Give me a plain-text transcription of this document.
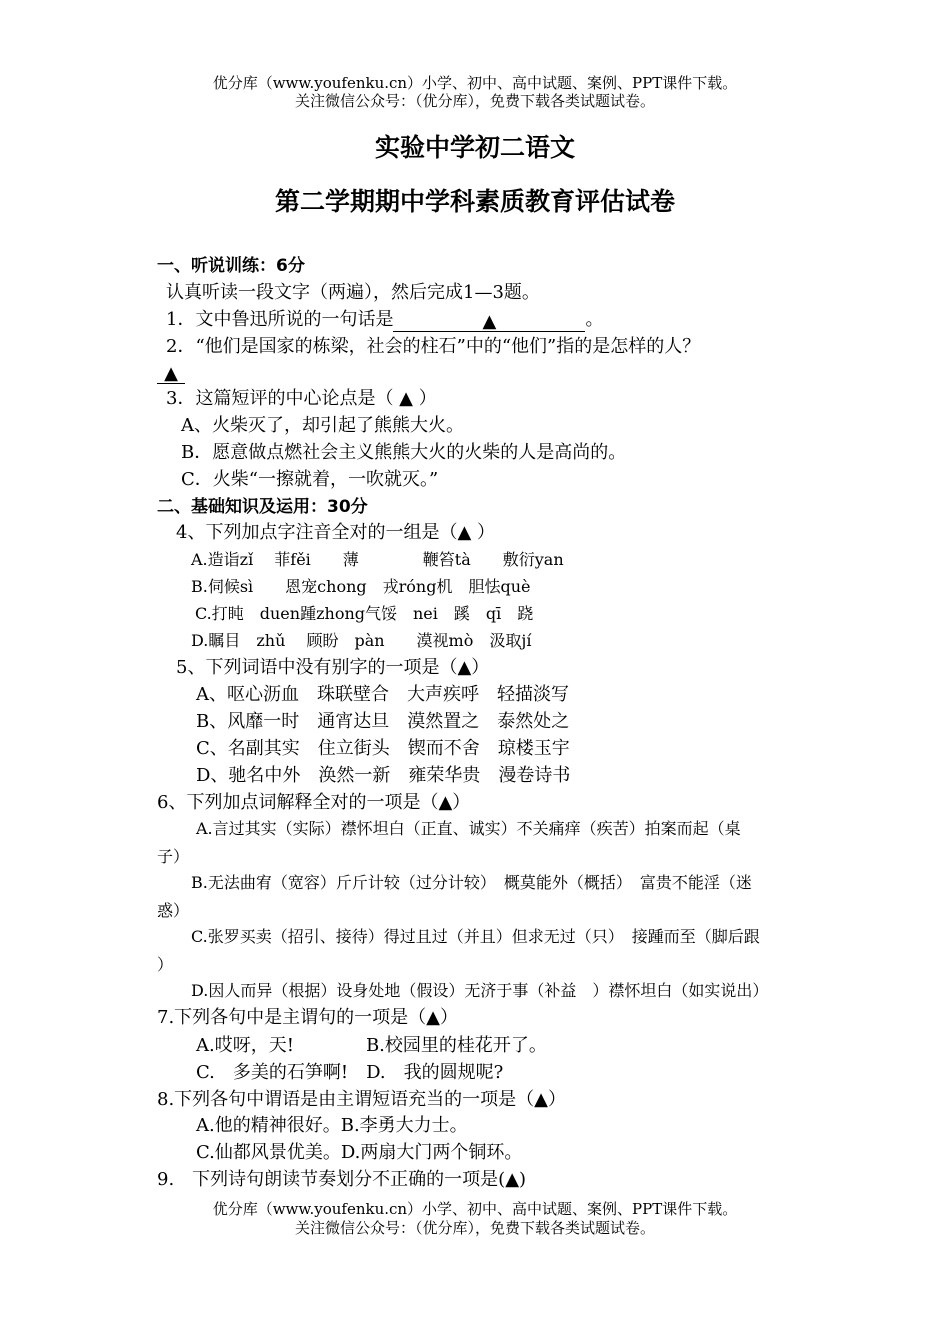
优分库（www.youfenku.cn）小学、初中、高中试题、案例、PPT课件下载。
关注微信公众号：（优分库），免费下载各类试题试卷。
实验中学初二语文
第二学期期中学科素质教育评估试卷
一、听说训练：6分
认真听读一段文字（两遍），然后完成1—3题。
1．文中鲁迅所说的一句话是	▲	。
2．“他们是国家的栋梁，社会的柱石”中的“他们”指的是怎样的人？
▲
3．这篇短评的中心论点是（ ▲ ）
A、火柴灭了，却引起了熊熊大火。
B．愿意做点燃社会主义熊熊大火的火柴的人是高尚的。
C．火柴“一擦就着，一吹就灭。”
二、基础知识及运用：30分
4、下列加点字注音全对的一组是（▲ ）
A.造诣zǐ　 菲fěi　　薄　　　　鞭笞tà　　敷衍yan
B.伺候sì　　恩宠chong　戎róng机　胆怯què
C.打盹　duen踵zhong气馁　nei　蹊　qī　跷
D.瞩目　zhǔ　 顾盼　pàn　　漠视mò　汲取jí
5、下列词语中没有别字的一项是（▲）
A、呕心沥血　珠联壁合　大声疾呼　轻描淡写
B、风靡一时　通宵达旦　漠然置之　泰然处之
C、名副其实　住立街头　锲而不舍　琼楼玉宇
D、驰名中外　涣然一新　雍荣华贵　漫卷诗书
6、下列加点词解释全对的一项是（▲）
A.言过其实（实际）襟怀坦白（正直、诚实）不关痛痒（疾苦）拍案而起（桌
子）
B.无法曲宥（宽容）斤斤计较（过分计较）　概莫能外（概括）　富贵不能淫（迷
惑）
C.张罗买卖（招引、接待）得过且过（并且）但求无过（只）　接踵而至（脚后跟
）
D.因人而异（根据）设身处地（假设）无济于事（补益　）襟怀坦白（如实说出）
7.下列各句中是主谓句的一项是（▲）
A.哎呀，天!　　　　B.校园里的桂花开了。
C.　多美的石笋啊!　D.　我的圆规呢?
8.下列各句中谓语是由主谓短语充当的一项是（▲）
A.他的精神很好。B.李勇大力士。
C.仙都风景优美。D.两扇大门两个铜环。
9.　下列诗句朗读节奏划分不正确的一项是(▲)
优分库（www.youfenku.cn）小学、初中、高中试题、案例、PPT课件下载。
关注微信公众号：（优分库），免费下载各类试题试卷。
